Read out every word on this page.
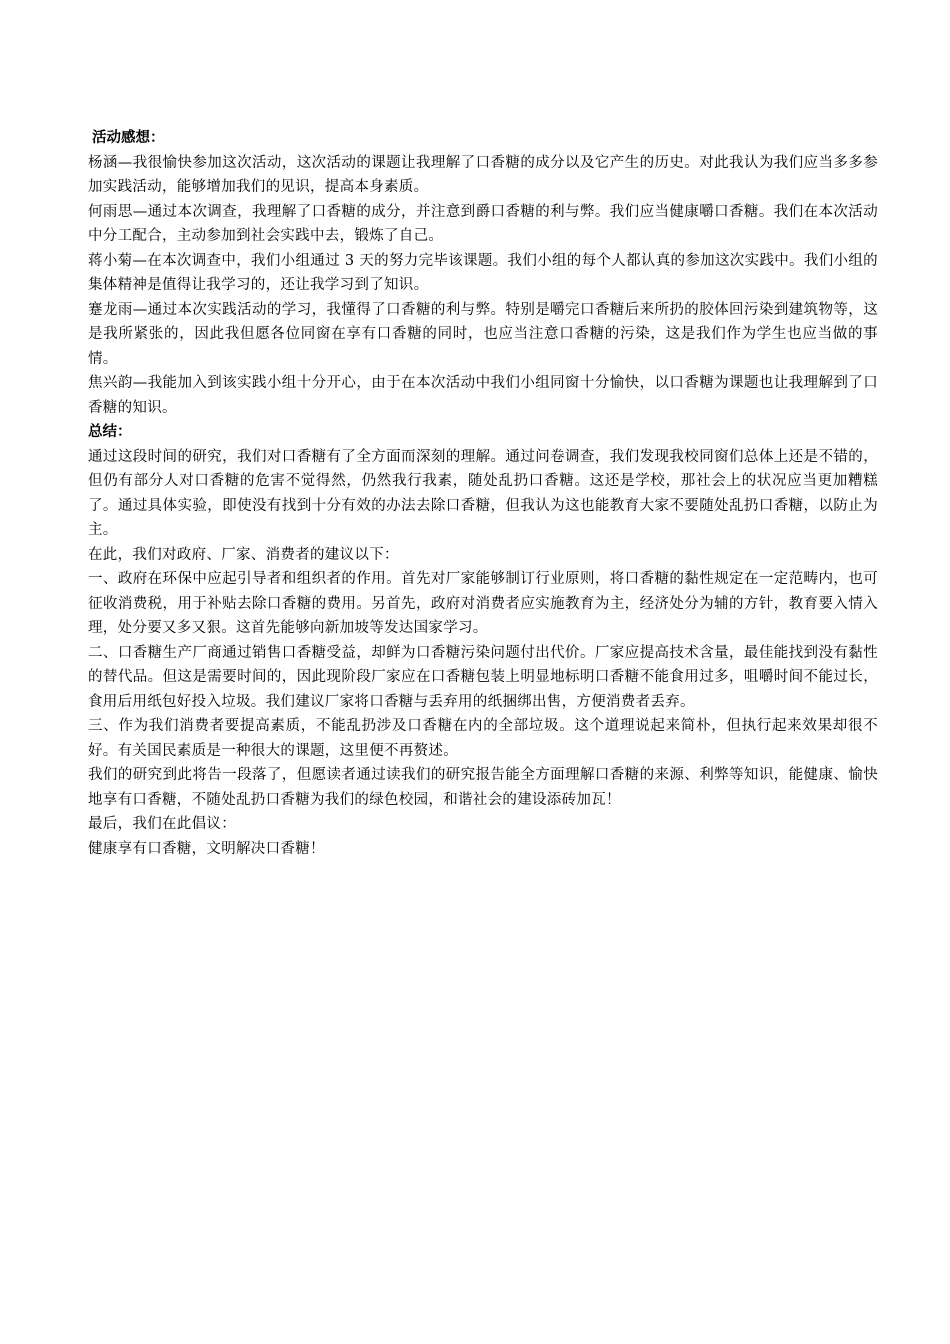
活动感想：

杨涵—我很愉快参加这次活动，这次活动的课题让我理解了口香糖的成分以及它产生的历史。对此我认为我们应当多多参加实践活动，能够增加我们的见识，提高本身素质。

何雨思—通过本次调查，我理解了口香糖的成分，并注意到爵口香糖的利与弊。我们应当健康嚼口香糖。我们在本次活动中分工配合，主动参加到社会实践中去，锻炼了自己。

蒋小菊—在本次调查中，我们小组通过 3 天的努力完毕该课题。我们小组的每个人都认真的参加这次实践中。我们小组的集体精神是值得让我学习的，还让我学习到了知识。

蹇龙雨—通过本次实践活动的学习，我懂得了口香糖的利与弊。特别是嚼完口香糖后来所扔的胶体回污染到建筑物等，这是我所紧张的，因此我但愿各位同窗在享有口香糖的同时，也应当注意口香糖的污染，这是我们作为学生也应当做的事情。

焦兴韵—我能加入到该实践小组十分开心，由于在本次活动中我们小组同窗十分愉快，以口香糖为课题也让我理解到了口香糖的知识。

总结：

通过这段时间的研究，我们对口香糖有了全方面而深刻的理解。通过问卷调查，我们发现我校同窗们总体上还是不错的，但仍有部分人对口香糖的危害不觉得然，仍然我行我素，随处乱扔口香糖。这还是学校，那社会上的状况应当更加糟糕了。通过具体实验，即使没有找到十分有效的办法去除口香糖，但我认为这也能教育大家不要随处乱扔口香糖，以防止为主。

在此，我们对政府、厂家、消费者的建议以下：

一、政府在环保中应起引导者和组织者的作用。首先对厂家能够制订行业原则，将口香糖的黏性规定在一定范畴内，也可征收消费税，用于补贴去除口香糖的费用。另首先，政府对消费者应实施教育为主，经济处分为辅的方针，教育要入情入理，处分要又多又狠。这首先能够向新加坡等发达国家学习。

二、口香糖生产厂商通过销售口香糖受益，却鲜为口香糖污染问题付出代价。厂家应提高技术含量，最佳能找到没有黏性的替代品。但这是需要时间的，因此现阶段厂家应在口香糖包装上明显地标明口香糖不能食用过多，咀嚼时间不能过长，食用后用纸包好投入垃圾。我们建议厂家将口香糖与丢弃用的纸捆绑出售，方便消费者丢弃。

三、作为我们消费者要提高素质，不能乱扔涉及口香糖在内的全部垃圾。这个道理说起来简朴，但执行起来效果却很不好。有关国民素质是一种很大的课题，这里便不再赘述。

我们的研究到此将告一段落了，但愿读者通过读我们的研究报告能全方面理解口香糖的来源、利弊等知识，能健康、愉快地享有口香糖，不随处乱扔口香糖为我们的绿色校园，和谐社会的建设添砖加瓦！

最后，我们在此倡议：

健康享有口香糖，文明解决口香糖！
